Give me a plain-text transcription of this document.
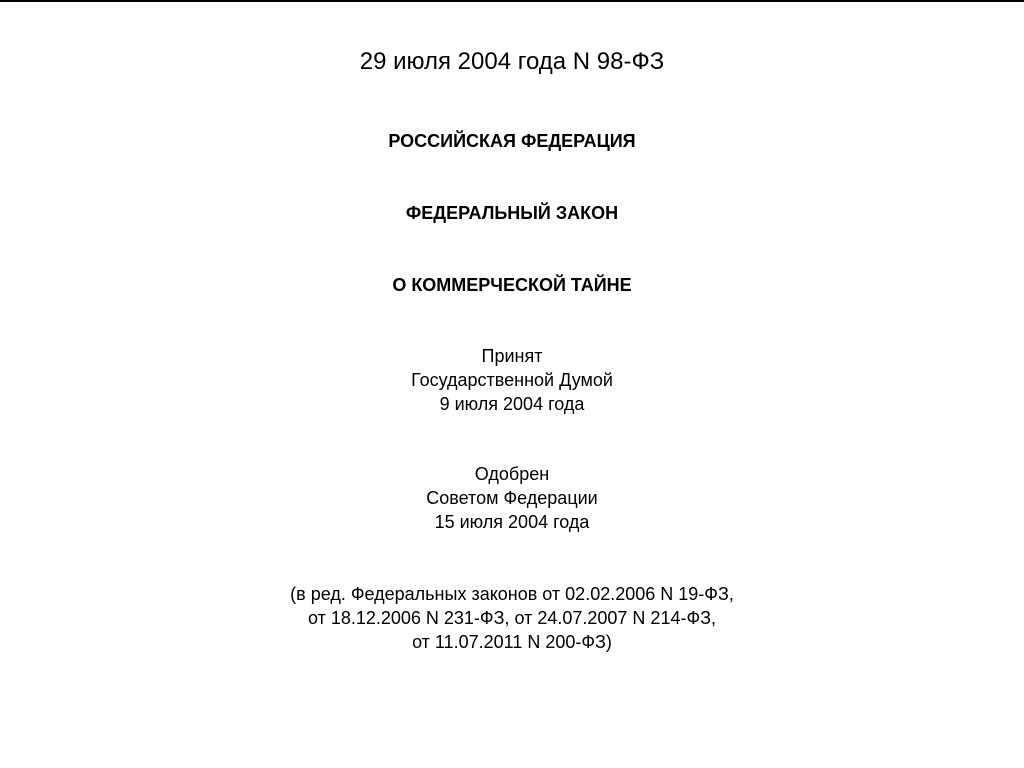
29 июля 2004 года N 98-ФЗ
РОССИЙСКАЯ ФЕДЕРАЦИЯ
ФЕДЕРАЛЬНЫЙ ЗАКОН
О КОММЕРЧЕСКОЙ ТАЙНЕ
Принят
Государственной Думой
9 июля 2004 года
Одобрен
Советом Федерации
15 июля 2004 года
(в ред. Федеральных законов от 02.02.2006 N 19-ФЗ,
от 18.12.2006 N 231-ФЗ, от 24.07.2007 N 214-ФЗ,
от 11.07.2011 N 200-ФЗ)
